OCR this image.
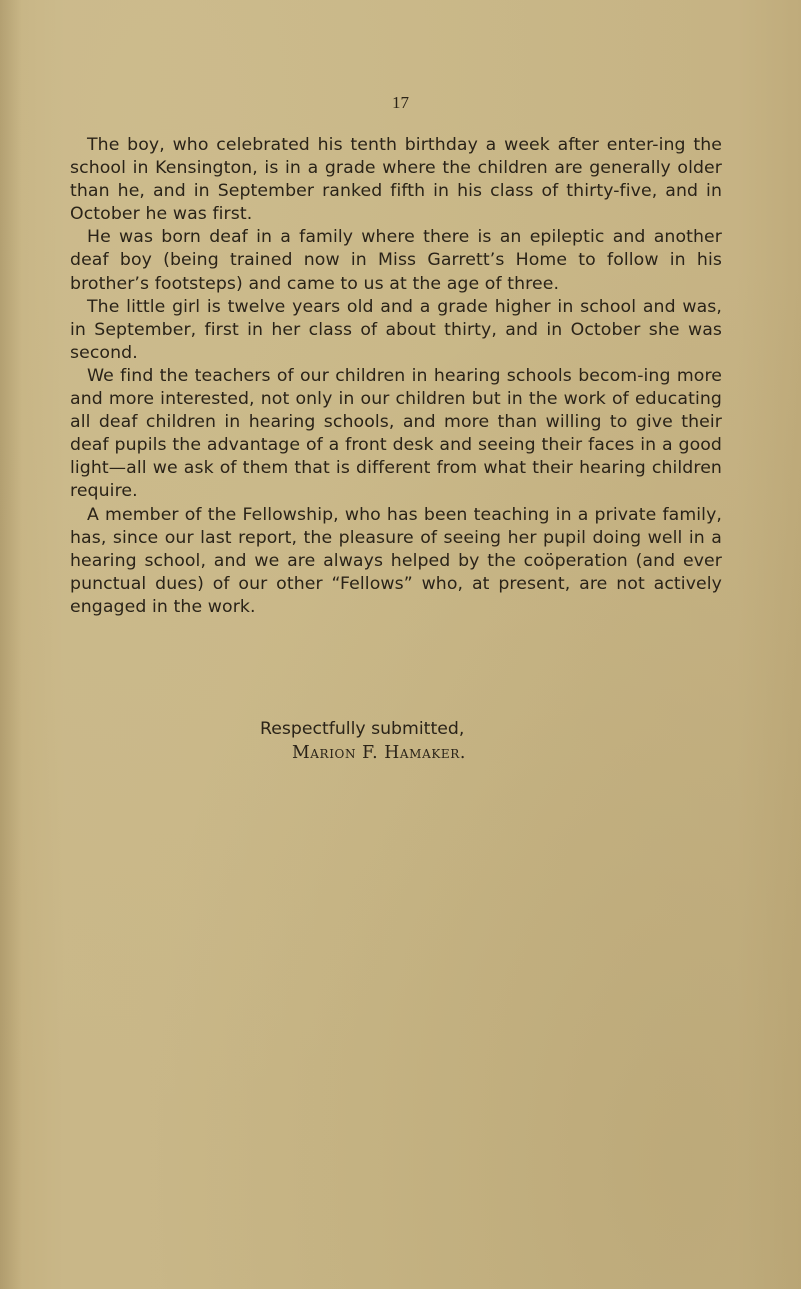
17

The boy, who celebrated his tenth birthday a week after enter-ing the school in Kensington, is in a grade where the children are generally older than he, and in September ranked fifth in his class of thirty-five, and in October he was first.

He was born deaf in a family where there is an epileptic and another deaf boy (being trained now in Miss Garrett’s Home to follow in his brother’s footsteps) and came to us at the age of three.

The little girl is twelve years old and a grade higher in school and was, in September, first in her class of about thirty, and in October she was second.

We find the teachers of our children in hearing schools becom-ing more and more interested, not only in our children but in the work of educating all deaf children in hearing schools, and more than willing to give their deaf pupils the advantage of a front desk and seeing their faces in a good light—all we ask of them that is different from what their hearing children require.

A member of the Fellowship, who has been teaching in a private family, has, since our last report, the pleasure of seeing her pupil doing well in a hearing school, and we are always helped by the coöperation (and ever punctual dues) of our other “Fellows” who, at present, are not actively engaged in the work.

Respectfully submitted,
Marion F. Hamaker.
